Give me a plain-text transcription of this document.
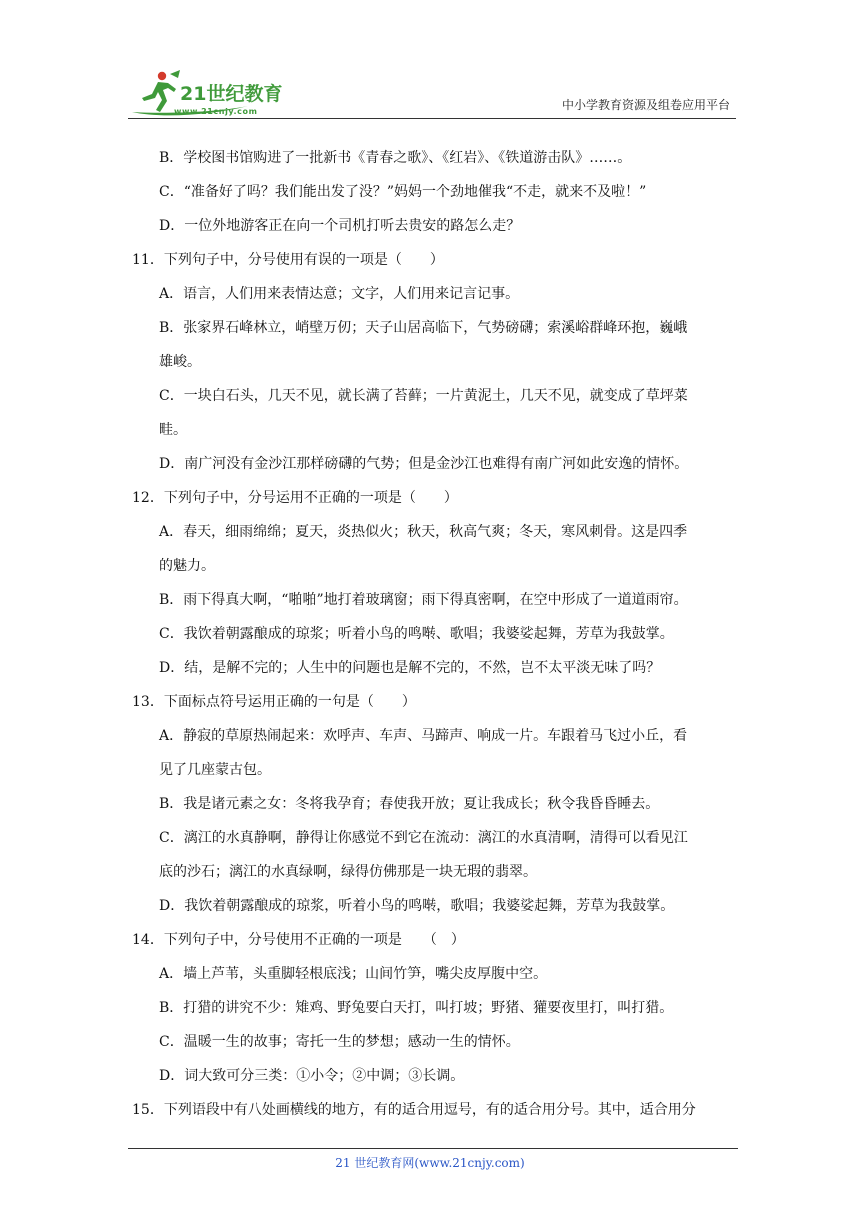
21世纪教育
www.21cnjy.com	中小学教育资源及组卷应用平台
B．学校图书馆购进了一批新书《青春之歌》、《红岩》、《铁道游击队》……。
C．“准备好了吗？我们能出发了没？”妈妈一个劲地催我“不走，就来不及啦！”
D．一位外地游客正在向一个司机打听去贵安的路怎么走？
11．下列句子中，分号使用有误的一项是（　　）
A．语言，人们用来表情达意；文字，人们用来记言记事。
B．张家界石峰林立，峭壁万仞；天子山居高临下，气势磅礴；索溪峪群峰环抱，巍峨
雄峻。
C．一块白石头，几天不见，就长满了苔藓；一片黄泥土，几天不见，就变成了草坪菜
畦。
D．南广河没有金沙江那样磅礴的气势；但是金沙江也难得有南广河如此安逸的情怀。
12．下列句子中，分号运用不正确的一项是（　　）
A．春天，细雨绵绵；夏天，炎热似火；秋天，秋高气爽；冬天，寒风刺骨。这是四季
的魅力。
B．雨下得真大啊，“啪啪”地打着玻璃窗；雨下得真密啊，在空中形成了一道道雨帘。
C．我饮着朝露酿成的琼浆；听着小鸟的鸣啭、歌唱；我婆娑起舞，芳草为我鼓掌。
D．结，是解不完的；人生中的问题也是解不完的，不然，岂不太平淡无味了吗？
13．下面标点符号运用正确的一句是（　　）
A．静寂的草原热闹起来：欢呼声、车声、马蹄声、响成一片。车跟着马飞过小丘，看
见了几座蒙古包。
B．我是诸元素之女：冬将我孕育；春使我开放；夏让我成长；秋令我昏昏睡去。
C．漓江的水真静啊，静得让你感觉不到它在流动：漓江的水真清啊，清得可以看见江
底的沙石；漓江的水真绿啊，绿得仿佛那是一块无瑕的翡翠。
D．我饮着朝露酿成的琼浆，听着小鸟的鸣啭，歌唱；我婆娑起舞，芳草为我鼓掌。
14．下列句子中，分号使用不正确的一项是　　（　）
A．墙上芦苇，头重脚轻根底浅；山间竹笋，嘴尖皮厚腹中空。
B．打猎的讲究不少：雉鸡、野兔要白天打，叫打坡；野猪、獾要夜里打，叫打猎。
C．温暖一生的故事；寄托一生的梦想；感动一生的情怀。
D．词大致可分三类：①小令；②中调；③长调。
15．下列语段中有八处画横线的地方，有的适合用逗号，有的适合用分号。其中，适合用分
21 世纪教育网(www.21cnjy.com)
